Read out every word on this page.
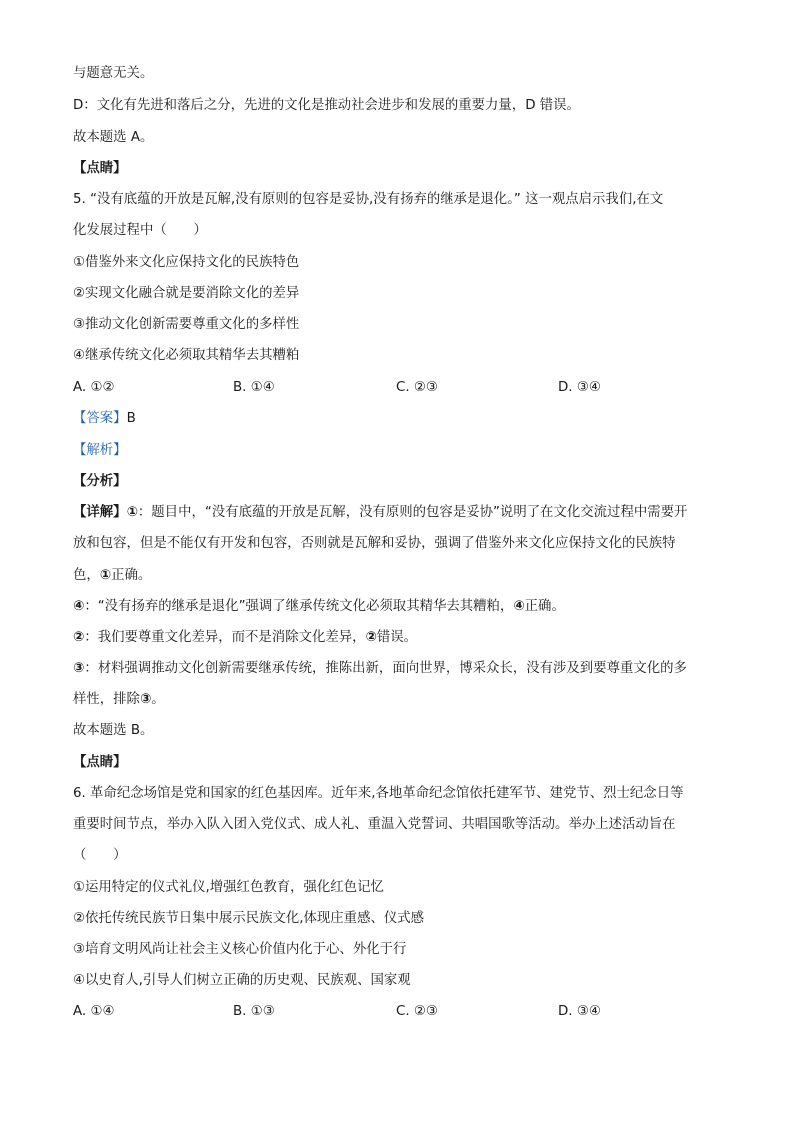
与题意无关。
D：文化有先进和落后之分，先进的文化是推动社会进步和发展的重要力量，D 错误。
故本题选 A。
【点睛】
5. “没有底蕴的开放是瓦解,没有原则的包容是妥协,没有扬弃的继承是退化。” 这一观点启示我们,在文
化发展过程中（　　）
①借鉴外来文化应保持文化的民族特色
②实现文化融合就是要消除文化的差异
③推动文化创新需要尊重文化的多样性
④继承传统文化必须取其精华去其糟粕
A. ①②	B. ①④	C. ②③	D. ③④
【答案】B
【解析】
【分析】
【详解】①：题目中，“没有底蕴的开放是瓦解，没有原则的包容是妥协”说明了在文化交流过程中需要开
放和包容，但是不能仅有开发和包容，否则就是瓦解和妥协，强调了借鉴外来文化应保持文化的民族特
色，①正确。
④：“没有扬弃的继承是退化”强调了继承传统文化必须取其精华去其糟粕，④正确。
②：我们要尊重文化差异，而不是消除文化差异，②错误。
③：材料强调推动文化创新需要继承传统，推陈出新，面向世界，博采众长，没有涉及到要尊重文化的多
样性，排除③。
故本题选 B。
【点睛】
6. 革命纪念场馆是党和国家的红色基因库。近年来,各地革命纪念馆依托建军节、建党节、烈士纪念日等
重要时间节点，举办入队入团入党仪式、成人礼、重温入党誓词、共唱国歌等活动。举办上述活动旨在
（　　）
①运用特定的仪式礼仪,增强红色教育，强化红色记忆
②依托传统民族节日集中展示民族文化,体现庄重感、仪式感
③培育文明风尚让社会主义核心价值内化于心、外化于行
④以史育人,引导人们树立正确的历史观、民族观、国家观
A. ①④	B. ①③	C. ②③	D. ③④
